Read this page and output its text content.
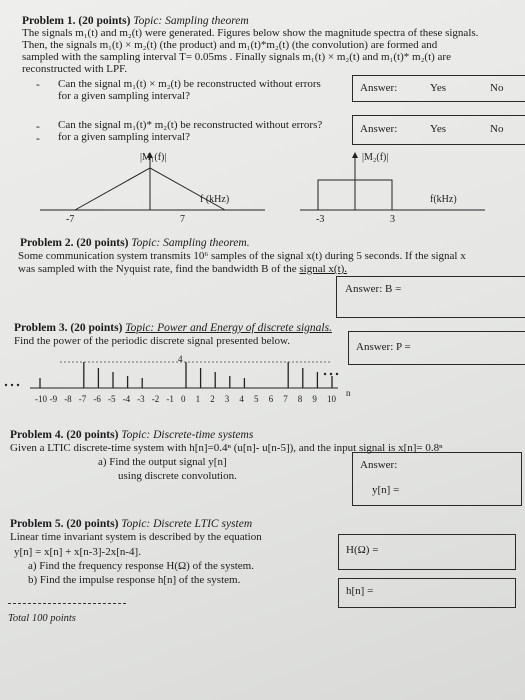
Problem 1. (20 points) Topic: Sampling theorem
The signals m₁(t) and m₂(t) were generated. Figures below show the magnitude spectra of these signals.
Then, the signals m₁(t) × m₂(t) (the product) and m₁(t)*m₂(t) (the convolution) are formed and
sampled with the sampling interval T= 0.05ms . Finally signals m₁(t) × m₂(t) and m₁(t)* m₂(t) are
reconstructed with LPF.
- Can the signal m₁(t) × m₂(t) be reconstructed without errors
for a given sampling interval?
Answer:	Yes	No
- Can the signal m₁(t)* m₂(t) be reconstructed without errors?
- for a given sampling interval?
Answer:	Yes	No
|M₁(f)|
f (kHz)
-7	7
|M₂(f)|
f(kHz)
-3	3
Problem 2. (20 points) Topic: Sampling theorem.
Some communication system transmits 10⁶ samples of the signal x(t) during 5 seconds. If the signal x
was sampled with the Nyquist rate, find the bandwidth B of the signal x(t).
Answer: B =
Problem 3. (20 points) Topic: Power and Energy of discrete signals.
Find the power of the periodic discrete signal presented below.	Answer: P =
4
n
-10 -9 -8 -7 -6 -5 -4 -3 -2 -1 0 1 2 3 4 5 6 7 8 9 10
Problem 4. (20 points) Topic: Discrete-time systems
Given a LTIC discrete-time system with h[n]=0.4ⁿ (u[n]- u[n-5]), and the input signal is x[n]= 0.8ⁿ
a) Find the output signal y[n]
using discrete convolution.
Answer:
y[n] =
Problem 5. (20 points) Topic: Discrete LTIC system
Linear time invariant system is described by the equation
y[n] = x[n] + x[n-3]-2x[n-4].
a) Find the frequency response H(Ω) of the system.
b) Find the impulse response h[n] of the system.
H(Ω) =
h[n] =
Total 100 points
